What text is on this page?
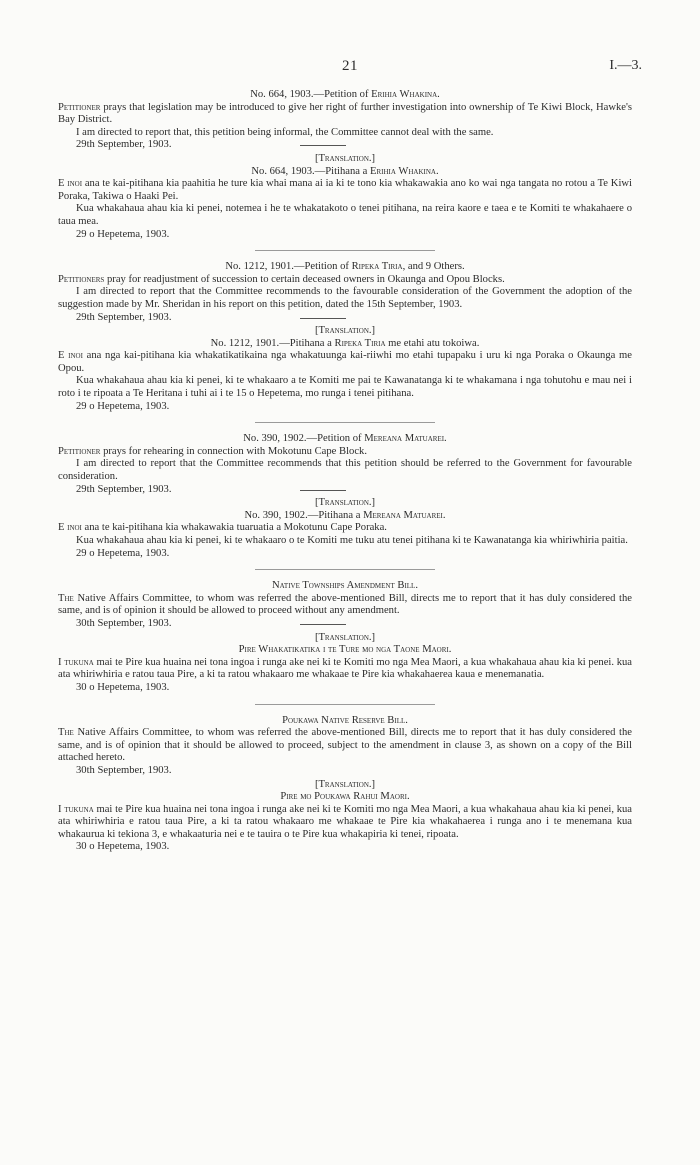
21	I.—3.

No. 664, 1903.—Petition of Erihia Whakina.

Petitioner prays that legislation may be introduced to give her right of further investigation into ownership of Te Kiwi Block, Hawke's Bay District.

I am directed to report that, this petition being informal, the Committee cannot deal with the same.

29th September, 1903.

[Translation.]

No. 664, 1903.—Pitihana a Erihia Whakina.

E inoi ana te kai-pitihana kia paahitia he ture kia whai mana ai ia ki te tono kia whakawakia ano ko wai nga tangata no rotou a Te Kiwi Poraka, Takiwa o Haaki Pei.

Kua whakahaua ahau kia ki penei, notemea i he te whakatakoto o tenei pitihana, na reira kaore e taea e te Komiti te whakahaere o taua mea.

29 o Hepetema, 1903.

No. 1212, 1901.—Petition of Ripeka Tiria, and 9 Others.

Petitioners pray for readjustment of succession to certain deceased owners in Okaunga and Opou Blocks.

I am directed to report that the Committee recommends to the favourable consideration of the Government the adoption of the suggestion made by Mr. Sheridan in his report on this petition, dated the 15th September, 1903.

29th September, 1903.

[Translation.]

No. 1212, 1901.—Pitihana a Ripeka Tiria me etahi atu tokoiwa.

E inoi ana nga kai-pitihana kia whakatikatikaina nga whakatuunga kai-riiwhi mo etahi tupapaku i uru ki nga Poraka o Okaunga me Opou.

Kua whakahaua ahau kia ki penei, ki te whakaaro a te Komiti me pai te Kawanatanga ki te whakamana i nga tohutohu e mau nei i roto i te ripoata a Te Heritana i tuhi ai i te 15 o Hepetema, mo runga i tenei pitihana.

29 o Hepetema, 1903.

No. 390, 1902.—Petition of Mereana Matuarei.

Petitioner prays for rehearing in connection with Mokotunu Cape Block.

I am directed to report that the Committee recommends that this petition should be referred to the Government for favourable consideration.

29th September, 1903.

[Translation.]

No. 390, 1902.—Pitihana a Mereana Matuarei.

E inoi ana te kai-pitihana kia whakawakia tuaruatia a Mokotunu Cape Poraka.

Kua whakahaua ahau kia ki penei, ki te whakaaro o te Komiti me tuku atu tenei pitihana ki te Kawanatanga kia whiriwhiria paitia.

29 o Hepetema, 1903.

Native Townships Amendment Bill.

The Native Affairs Committee, to whom was referred the above-mentioned Bill, directs me to report that it has duly considered the same, and is of opinion it should be allowed to proceed without any amendment.

30th September, 1903.

[Translation.]

Pire Whakatikatika i te Ture mo nga Taone Maori.

I tukuna mai te Pire kua huaina nei tona ingoa i runga ake nei ki te Komiti mo nga Mea Maori, a kua whakahaua ahau kia ki penei. kua ata whiriwhiria e ratou taua Pire, a ki ta ratou whakaaro me whakaae te Pire kia whakahaerea kaua e menemanatia.

30 o Hepetema, 1903.

Poukawa Native Reserve Bill.

The Native Affairs Committee, to whom was referred the above-mentioned Bill, directs me to report that it has duly considered the same, and is of opinion that it should be allowed to proceed, subject to the amendment in clause 3, as shown on a copy of the Bill attached hereto.

30th September, 1903.

[Translation.]

Pire mo Poukawa Rahui Maori.

I tukuna mai te Pire kua huaina nei tona ingoa i runga ake nei ki te Komiti mo nga Mea Maori, a kua whakahaua ahau kia ki penei, kua ata whiriwhiria e ratou taua Pire, a ki ta ratou whakaaro me whakaae te Pire kia whakahaerea i runga ano i te menemana kua whakaurua ki tekiona 3, e whakaaturia nei e te tauira o te Pire kua whakapiria ki tenei, ripoata.

30 o Hepetema, 1903.
